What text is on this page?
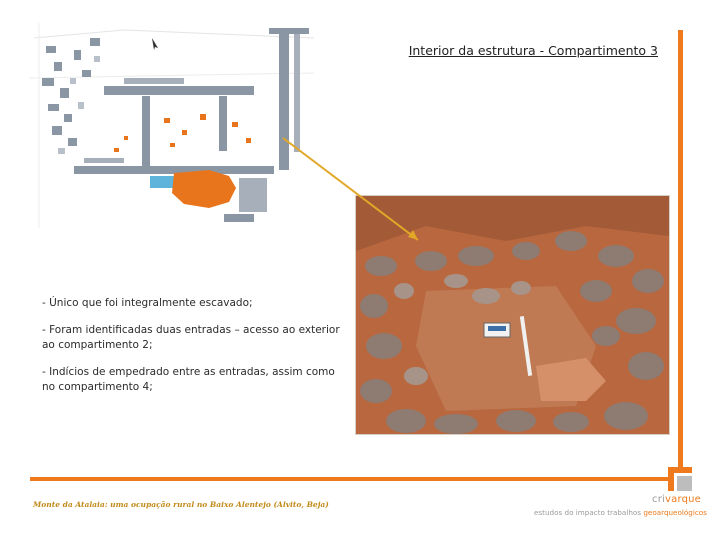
Interior da estrutura - Compartimento 3

- Único que foi integralmente escavado;

- Foram identificadas duas entradas – acesso ao exterior ao compartimento 2;

- Indícios de empedrado entre as entradas, assim como no compartimento 4;

Monte da Atalaia: uma ocupação rural no Baixo Alentejo (Alvito, Beja)	crivarque
estudos do impacto trabalhos geoarqueológicos
